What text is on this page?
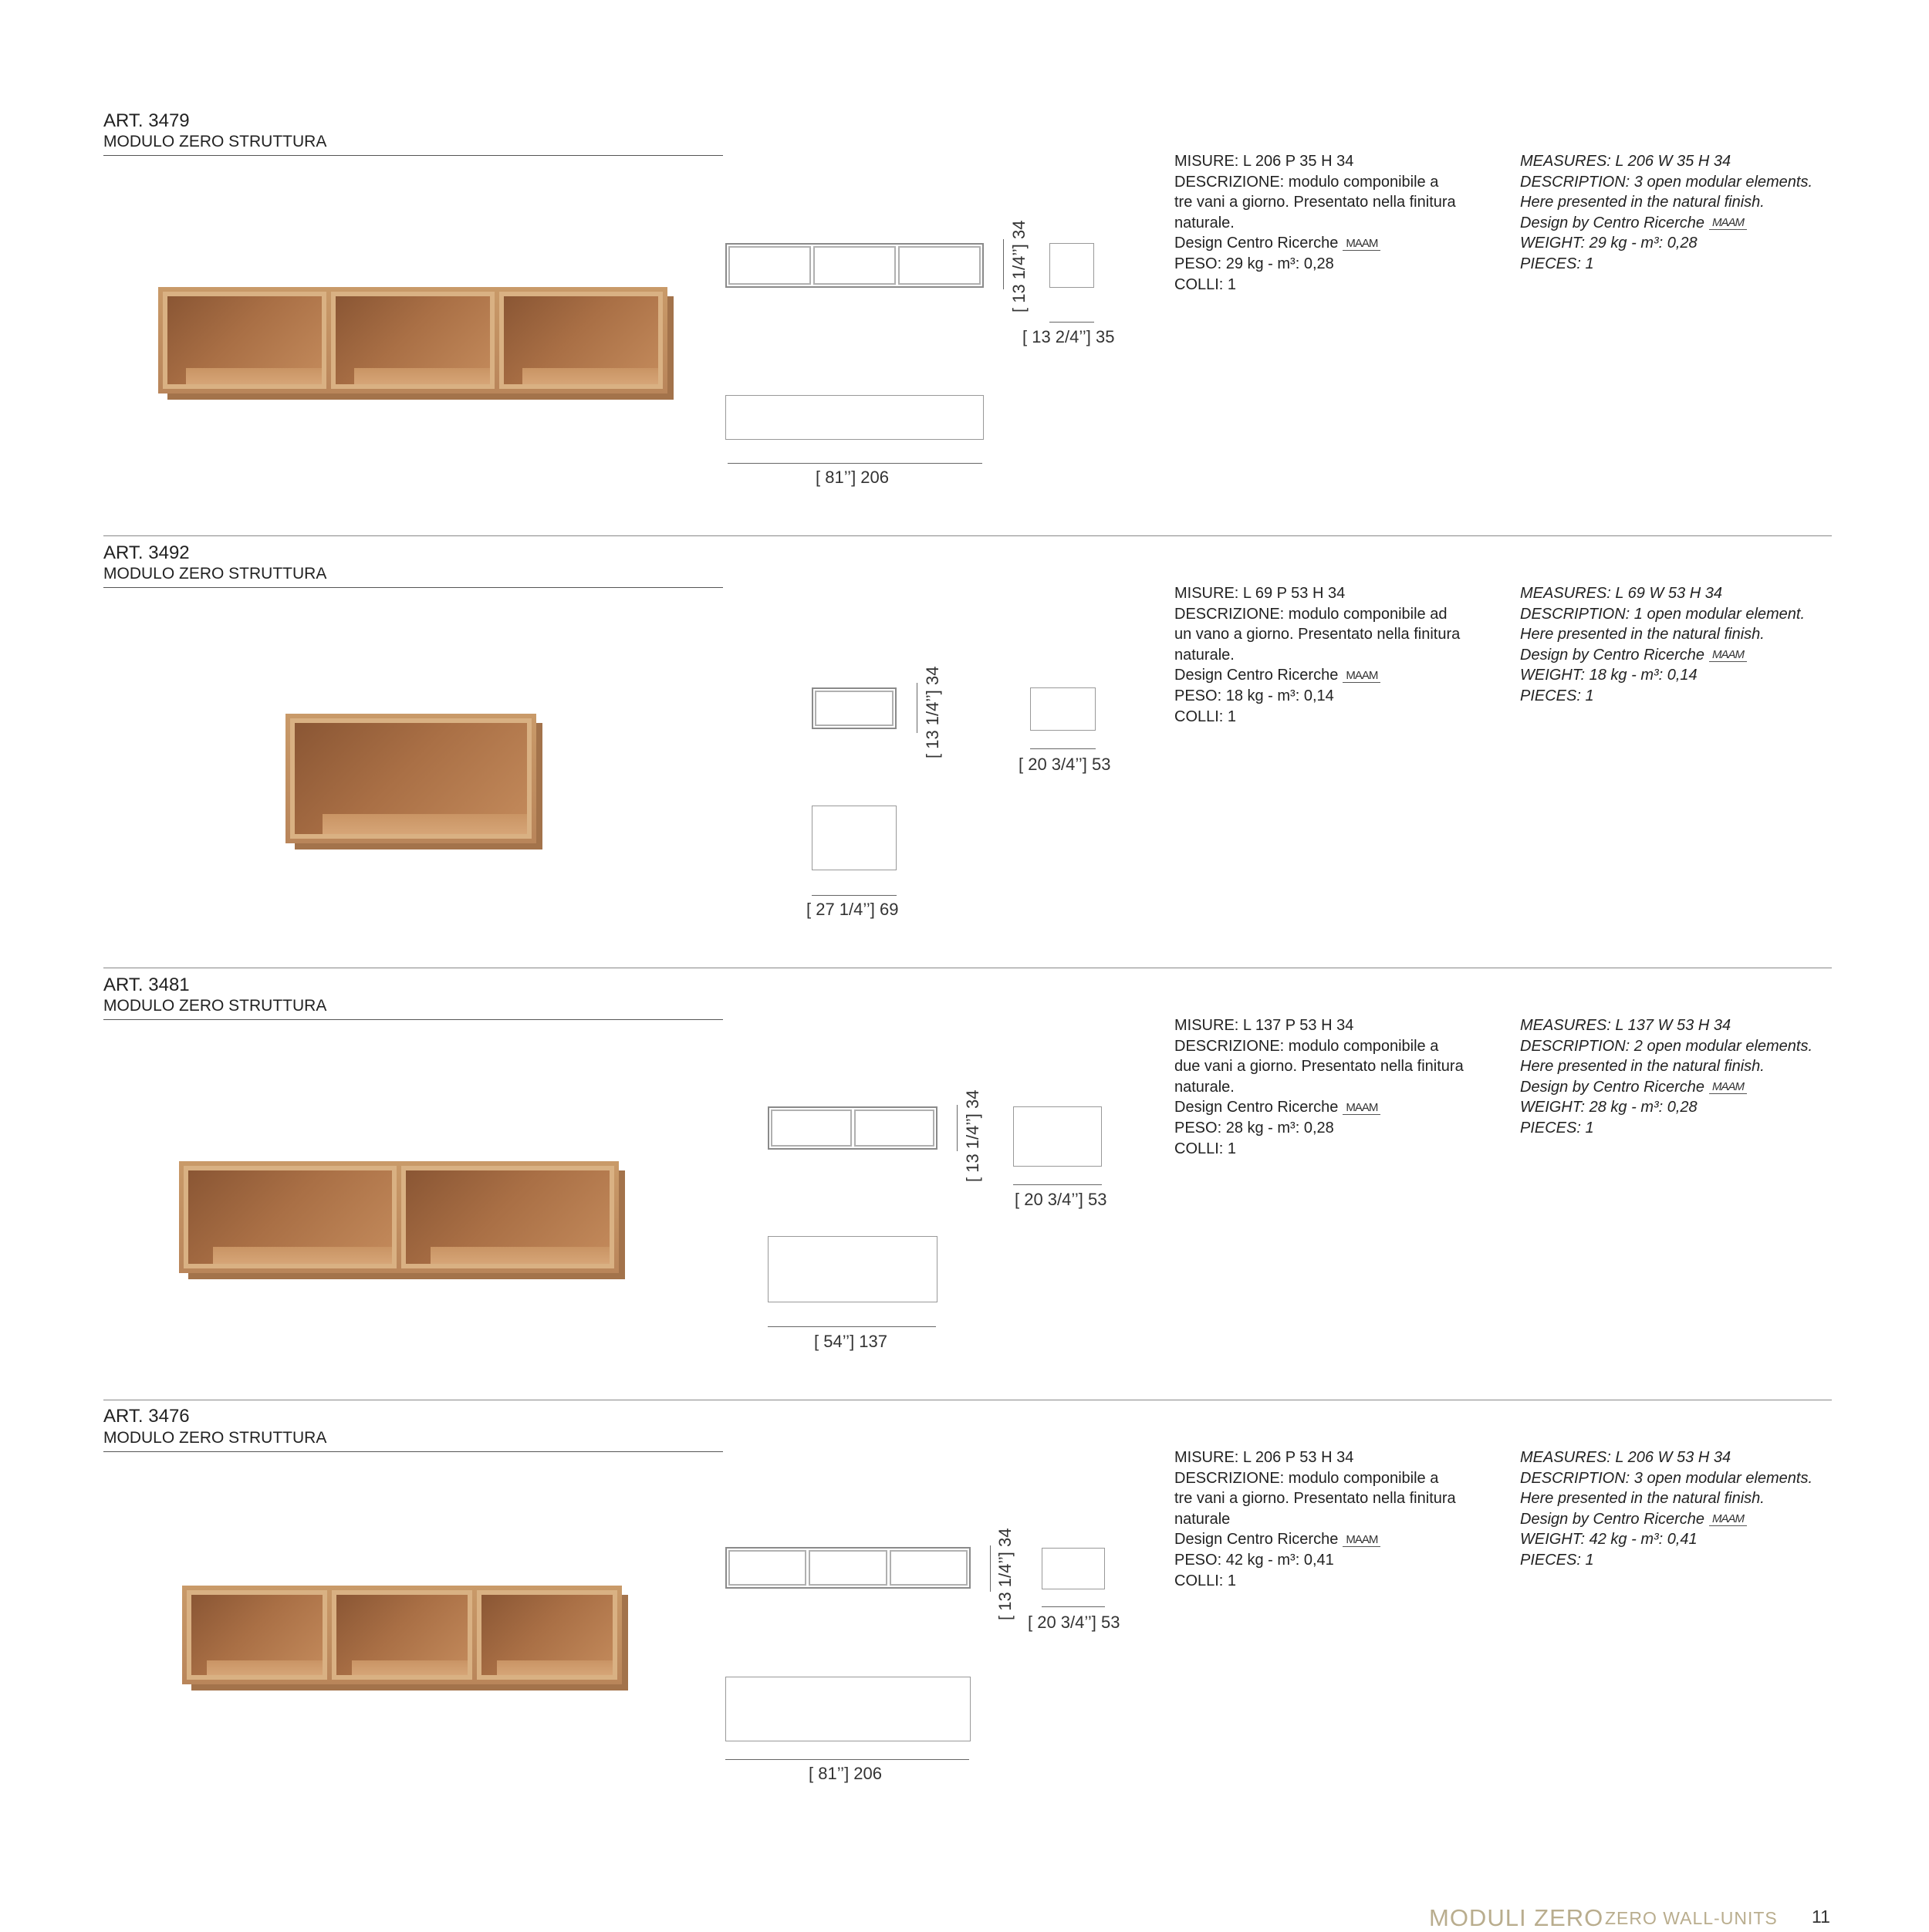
ART. 3479
MODULO ZERO STRUTTURA
[ 13 1/4’’] 34
[ 13 2/4’’] 35
[ 81’’] 206
MISURE: L 206 P 35 H 34
DESCRIZIONE: modulo componibile a
tre vani a giorno. Presentato nella finitura
naturale.
Design Centro Ricerche MAAM
PESO: 29 kg - m³: 0,28
COLLI: 1
MEASURES: L 206 W 35 H 34
DESCRIPTION: 3 open modular elements.
Here presented in the natural finish.
Design by Centro Ricerche MAAM
WEIGHT: 29 kg - m³: 0,28
PIECES: 1
ART. 3492
MODULO ZERO STRUTTURA
[ 13 1/4’’] 34
[ 20 3/4’’] 53
[ 27 1/4’’] 69
MISURE: L 69 P 53 H 34
DESCRIZIONE: modulo componibile ad
un vano a giorno. Presentato nella finitura
naturale.
Design Centro Ricerche MAAM
PESO: 18 kg - m³: 0,14
COLLI: 1
MEASURES: L 69 W 53 H 34
DESCRIPTION: 1 open modular element.
Here presented in the natural finish.
Design by Centro Ricerche MAAM
WEIGHT: 18 kg - m³: 0,14
PIECES: 1
ART. 3481
MODULO ZERO STRUTTURA
[ 13 1/4’’] 34
[ 20 3/4’’] 53
[ 54’’] 137
MISURE: L 137 P 53 H 34
DESCRIZIONE: modulo componibile a
due vani a giorno. Presentato nella finitura
naturale.
Design Centro Ricerche MAAM
PESO: 28 kg - m³: 0,28
COLLI: 1
MEASURES: L 137 W 53 H 34
DESCRIPTION: 2 open modular elements.
Here presented in the natural finish.
Design by Centro Ricerche MAAM
WEIGHT: 28 kg - m³: 0,28
PIECES: 1
ART. 3476
MODULO ZERO STRUTTURA
[ 13 1/4’’] 34
[ 20 3/4’’] 53
[ 81’’] 206
MISURE: L 206 P 53 H 34
DESCRIZIONE: modulo componibile a
tre vani a giorno. Presentato nella finitura
naturale
Design Centro Ricerche MAAM
PESO: 42 kg - m³: 0,41
COLLI: 1
MEASURES: L 206 W 53 H 34
DESCRIPTION: 3 open modular elements.
Here presented in the natural finish.
Design by Centro Ricerche MAAM
WEIGHT: 42 kg - m³: 0,41
PIECES: 1
MODULI ZERO ZERO WALL-UNITS 11
